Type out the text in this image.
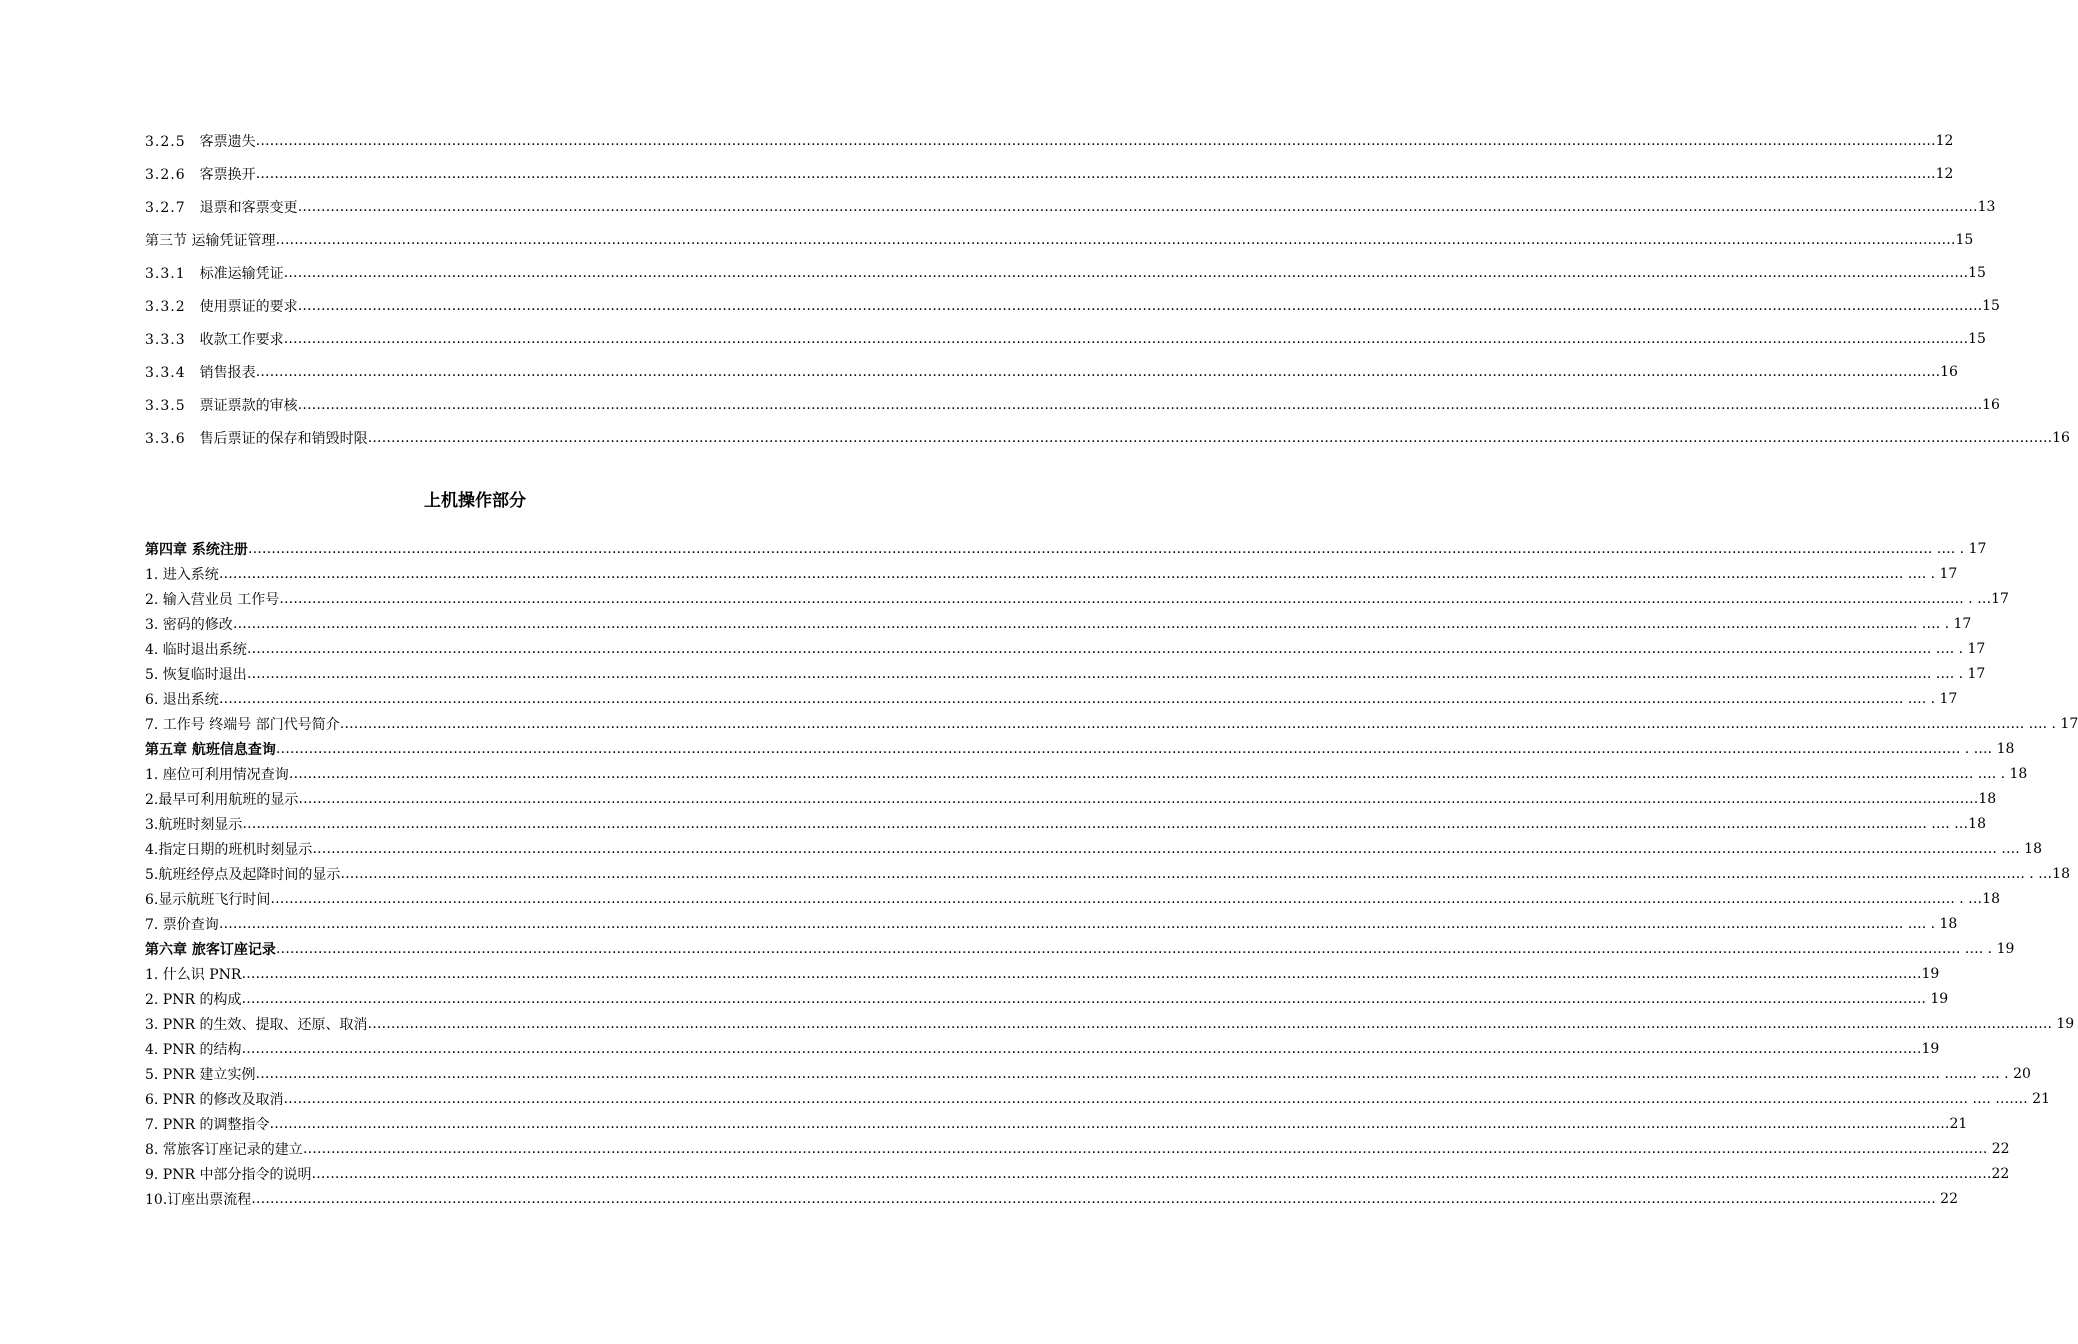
3.2.5 客票遗失 ……………………………………………………………………………………………………………………………………………………………………………………………………………………………………………………………………………………………………………………………… 12
3.2.6 客票换开 ……………………………………………………………………………………………………………………………………………………………………………………………………………………………………………………………………………………………………………………………… 12
3.2.7 退票和客票变更 ……………………………………………………………………………………………………………………………………………………………………………………………………………………………………………………………………………………………………………………………… 13
第三节 运输凭证管理 ……………………………………………………………………………………………………………………………………………………………………………………………………………………………………………………………………………………………………………………………… 15
3.3.1 标准运输凭证 ……………………………………………………………………………………………………………………………………………………………………………………………………………………………………………………………………………………………………………………………… .15
3.3.2 使用票证的要求 ……………………………………………………………………………………………………………………………………………………………………………………………………………………………………………………………………………………………………………………………… .15
3.3.3 收款工作要求 ……………………………………………………………………………………………………………………………………………………………………………………………………………………………………………………………………………………………………………………………… .15
3.3.4 销售报表 ……………………………………………………………………………………………………………………………………………………………………………………………………………………………………………………………………………………………………………………………… .16
3.3.5 票证票款的审核 ……………………………………………………………………………………………………………………………………………………………………………………………………………………………………………………………………………………………………………………………… .16
3.3.6 售后票证的保存和销毁时限 ……………………………………………………………………………………………………………………………………………………………………………………………………………………………………………………………………………………………………………………………… .16
上机操作部分
第四章 系统注册 ……………………………………………………………………………………………………………………………………………………………………………………………………………………………………………………………………………………………………………………………… . …. . 17
1. 进入系统 ……………………………………………………………………………………………………………………………………………………………………………………………………………………………………………………………………………………………………………………………… . …. . 17
2. 输入营业员 工作号 ……………………………………………………………………………………………………………………………………………………………………………………………………………………………………………………………………………………………………………………………… . . …17
3. 密码的修改 ……………………………………………………………………………………………………………………………………………………………………………………………………………………………………………………………………………………………………………………………… . …. . 17
4. 临时退出系统 ……………………………………………………………………………………………………………………………………………………………………………………………………………………………………………………………………………………………………………………………… . …. . 17
5. 恢复临时退出 ……………………………………………………………………………………………………………………………………………………………………………………………………………………………………………………………………………………………………………………………… . …. . 17
6. 退出系统 ……………………………………………………………………………………………………………………………………………………………………………………………………………………………………………………………………………………………………………………………… . …. . 17
7. 工作号 终端号 部门代号简介 ……………………………………………………………………………………………………………………………………………………………………………………………………………………………………………………………………………………………………………………………… . …. . 17
第五章 航班信息查询 ……………………………………………………………………………………………………………………………………………………………………………………………………………………………………………………………………………………………………………………………… . . …. 18
1. 座位可利用情况查询 ……………………………………………………………………………………………………………………………………………………………………………………………………………………………………………………………………………………………………………………………… . …. . 18
2.最早可利用航班的显示 ……………………………………………………………………………………………………………………………………………………………………………………………………………………………………………………………………………………………………………………………… 18
3.航班时刻显示 ……………………………………………………………………………………………………………………………………………………………………………………………………………………………………………………………………………………………………………………………… . …. …18
4.指定日期的班机时刻显示 ……………………………………………………………………………………………………………………………………………………………………………………………………………………………………………………………………………………………………………………………… . …. 18
5.航班经停点及起降时间的显示 ……………………………………………………………………………………………………………………………………………………………………………………………………………………………………………………………………………………………………………………………… . . …18
6.显示航班飞行时间 ……………………………………………………………………………………………………………………………………………………………………………………………………………………………………………………………………………………………………………………………… . . …18
7. 票价查询 ……………………………………………………………………………………………………………………………………………………………………………………………………………………………………………………………………………………………………………………………… . …. . 18
第六章 旅客订座记录 ……………………………………………………………………………………………………………………………………………………………………………………………………………………………………………………………………………………………………………………………… . …. . 19
1. 什么识 PNR ……………………………………………………………………………………………………………………………………………………………………………………………………………………………………………………………………………………………………………………………… 19
2. PNR 的构成 ……………………………………………………………………………………………………………………………………………………………………………………………………………………………………………………………………………………………………………………………… . 19
3. PNR 的生效、提取、还原、取消 ……………………………………………………………………………………………………………………………………………………………………………………………………………………………………………………………………………………………………………………………… . 19
4. PNR 的结构 ……………………………………………………………………………………………………………………………………………………………………………………………………………………………………………………………………………………………………………………………… 19
5. PNR 建立实例 ……………………………………………………………………………………………………………………………………………………………………………………………………………………………………………………………………………………………………………………………… . ……. …. . 20
6. PNR 的修改及取消 ……………………………………………………………………………………………………………………………………………………………………………………………………………………………………………………………………………………………………………………………… . …. ……. 21
7. PNR 的调整指令 ……………………………………………………………………………………………………………………………………………………………………………………………………………………………………………………………………………………………………………………………… 21
8. 常旅客订座记录的建立 ……………………………………………………………………………………………………………………………………………………………………………………………………………………………………………………………………………………………………………………………… . 22
9. PNR 中部分指令的说明 ……………………………………………………………………………………………………………………………………………………………………………………………………………………………………………………………………………………………………………………………… 22
10.订座出票流程 ……………………………………………………………………………………………………………………………………………………………………………………………………………………………………………………………………………………………………………………………… . 22
